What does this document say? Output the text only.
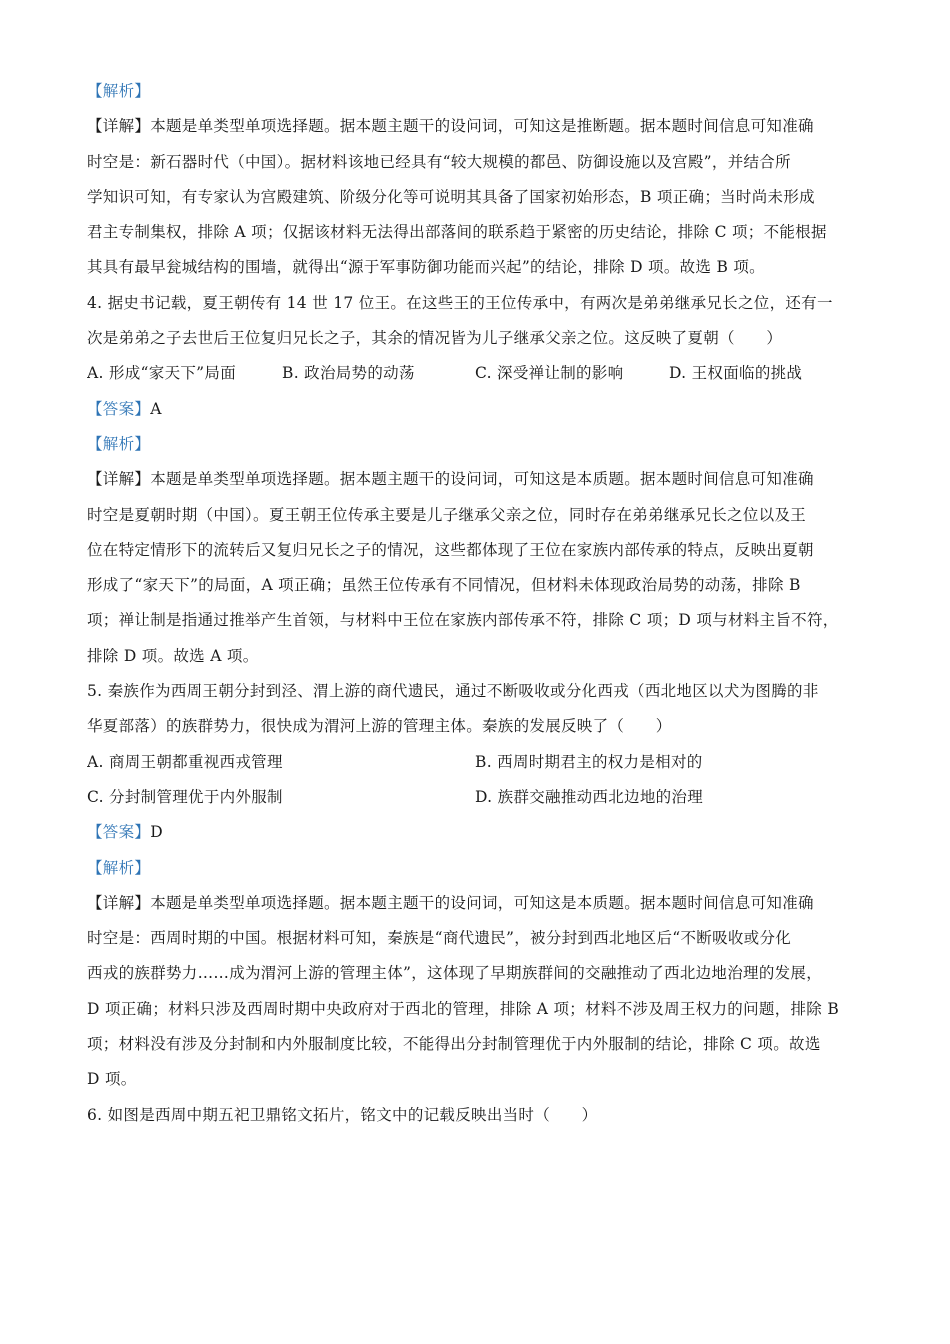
【解析】
【详解】本题是单类型单项选择题。据本题主题干的设问词，可知这是推断题。据本题时间信息可知准确
时空是：新石器时代（中国）。据材料该地已经具有“较大规模的都邑、防御设施以及宫殿”，并结合所
学知识可知，有专家认为宫殿建筑、阶级分化等可说明其具备了国家初始形态，B 项正确；当时尚未形成
君主专制集权，排除 A 项；仅据该材料无法得出部落间的联系趋于紧密的历史结论，排除 C 项；不能根据
其具有最早瓮城结构的围墙，就得出“源于军事防御功能而兴起”的结论，排除 D 项。故选 B 项。
4. 据史书记载，夏王朝传有 14 世 17 位王。在这些王的王位传承中，有两次是弟弟继承兄长之位，还有一
次是弟弟之子去世后王位复归兄长之子，其余的情况皆为儿子继承父亲之位。这反映了夏朝（　　）
A. 形成“家天下”局面	B. 政治局势的动荡	C. 深受禅让制的影响	D. 王权面临的挑战
【答案】A
【解析】
【详解】本题是单类型单项选择题。据本题主题干的设问词，可知这是本质题。据本题时间信息可知准确
时空是夏朝时期（中国）。夏王朝王位传承主要是儿子继承父亲之位，同时存在弟弟继承兄长之位以及王
位在特定情形下的流转后又复归兄长之子的情况，这些都体现了王位在家族内部传承的特点，反映出夏朝
形成了“家天下”的局面，A 项正确；虽然王位传承有不同情况，但材料未体现政治局势的动荡，排除 B
项；禅让制是指通过推举产生首领，与材料中王位在家族内部传承不符，排除 C 项；D 项与材料主旨不符，
排除 D 项。故选 A 项。
5. 秦族作为西周王朝分封到泾、渭上游的商代遗民，通过不断吸收或分化西戎（西北地区以犬为图腾的非
华夏部落）的族群势力，很快成为渭河上游的管理主体。秦族的发展反映了（　　）
A. 商周王朝都重视西戎管理	B. 西周时期君主的权力是相对的
C. 分封制管理优于内外服制	D. 族群交融推动西北边地的治理
【答案】D
【解析】
【详解】本题是单类型单项选择题。据本题主题干的设问词，可知这是本质题。据本题时间信息可知准确
时空是：西周时期的中国。根据材料可知，秦族是“商代遗民”，被分封到西北地区后“不断吸收或分化
西戎的族群势力……成为渭河上游的管理主体”，这体现了早期族群间的交融推动了西北边地治理的发展，
D 项正确；材料只涉及西周时期中央政府对于西北的管理，排除 A 项；材料不涉及周王权力的问题，排除 B
项；材料没有涉及分封制和内外服制度比较，不能得出分封制管理优于内外服制的结论，排除 C 项。故选
D 项。
6. 如图是西周中期五祀卫鼎铭文拓片，铭文中的记载反映出当时（　　）
